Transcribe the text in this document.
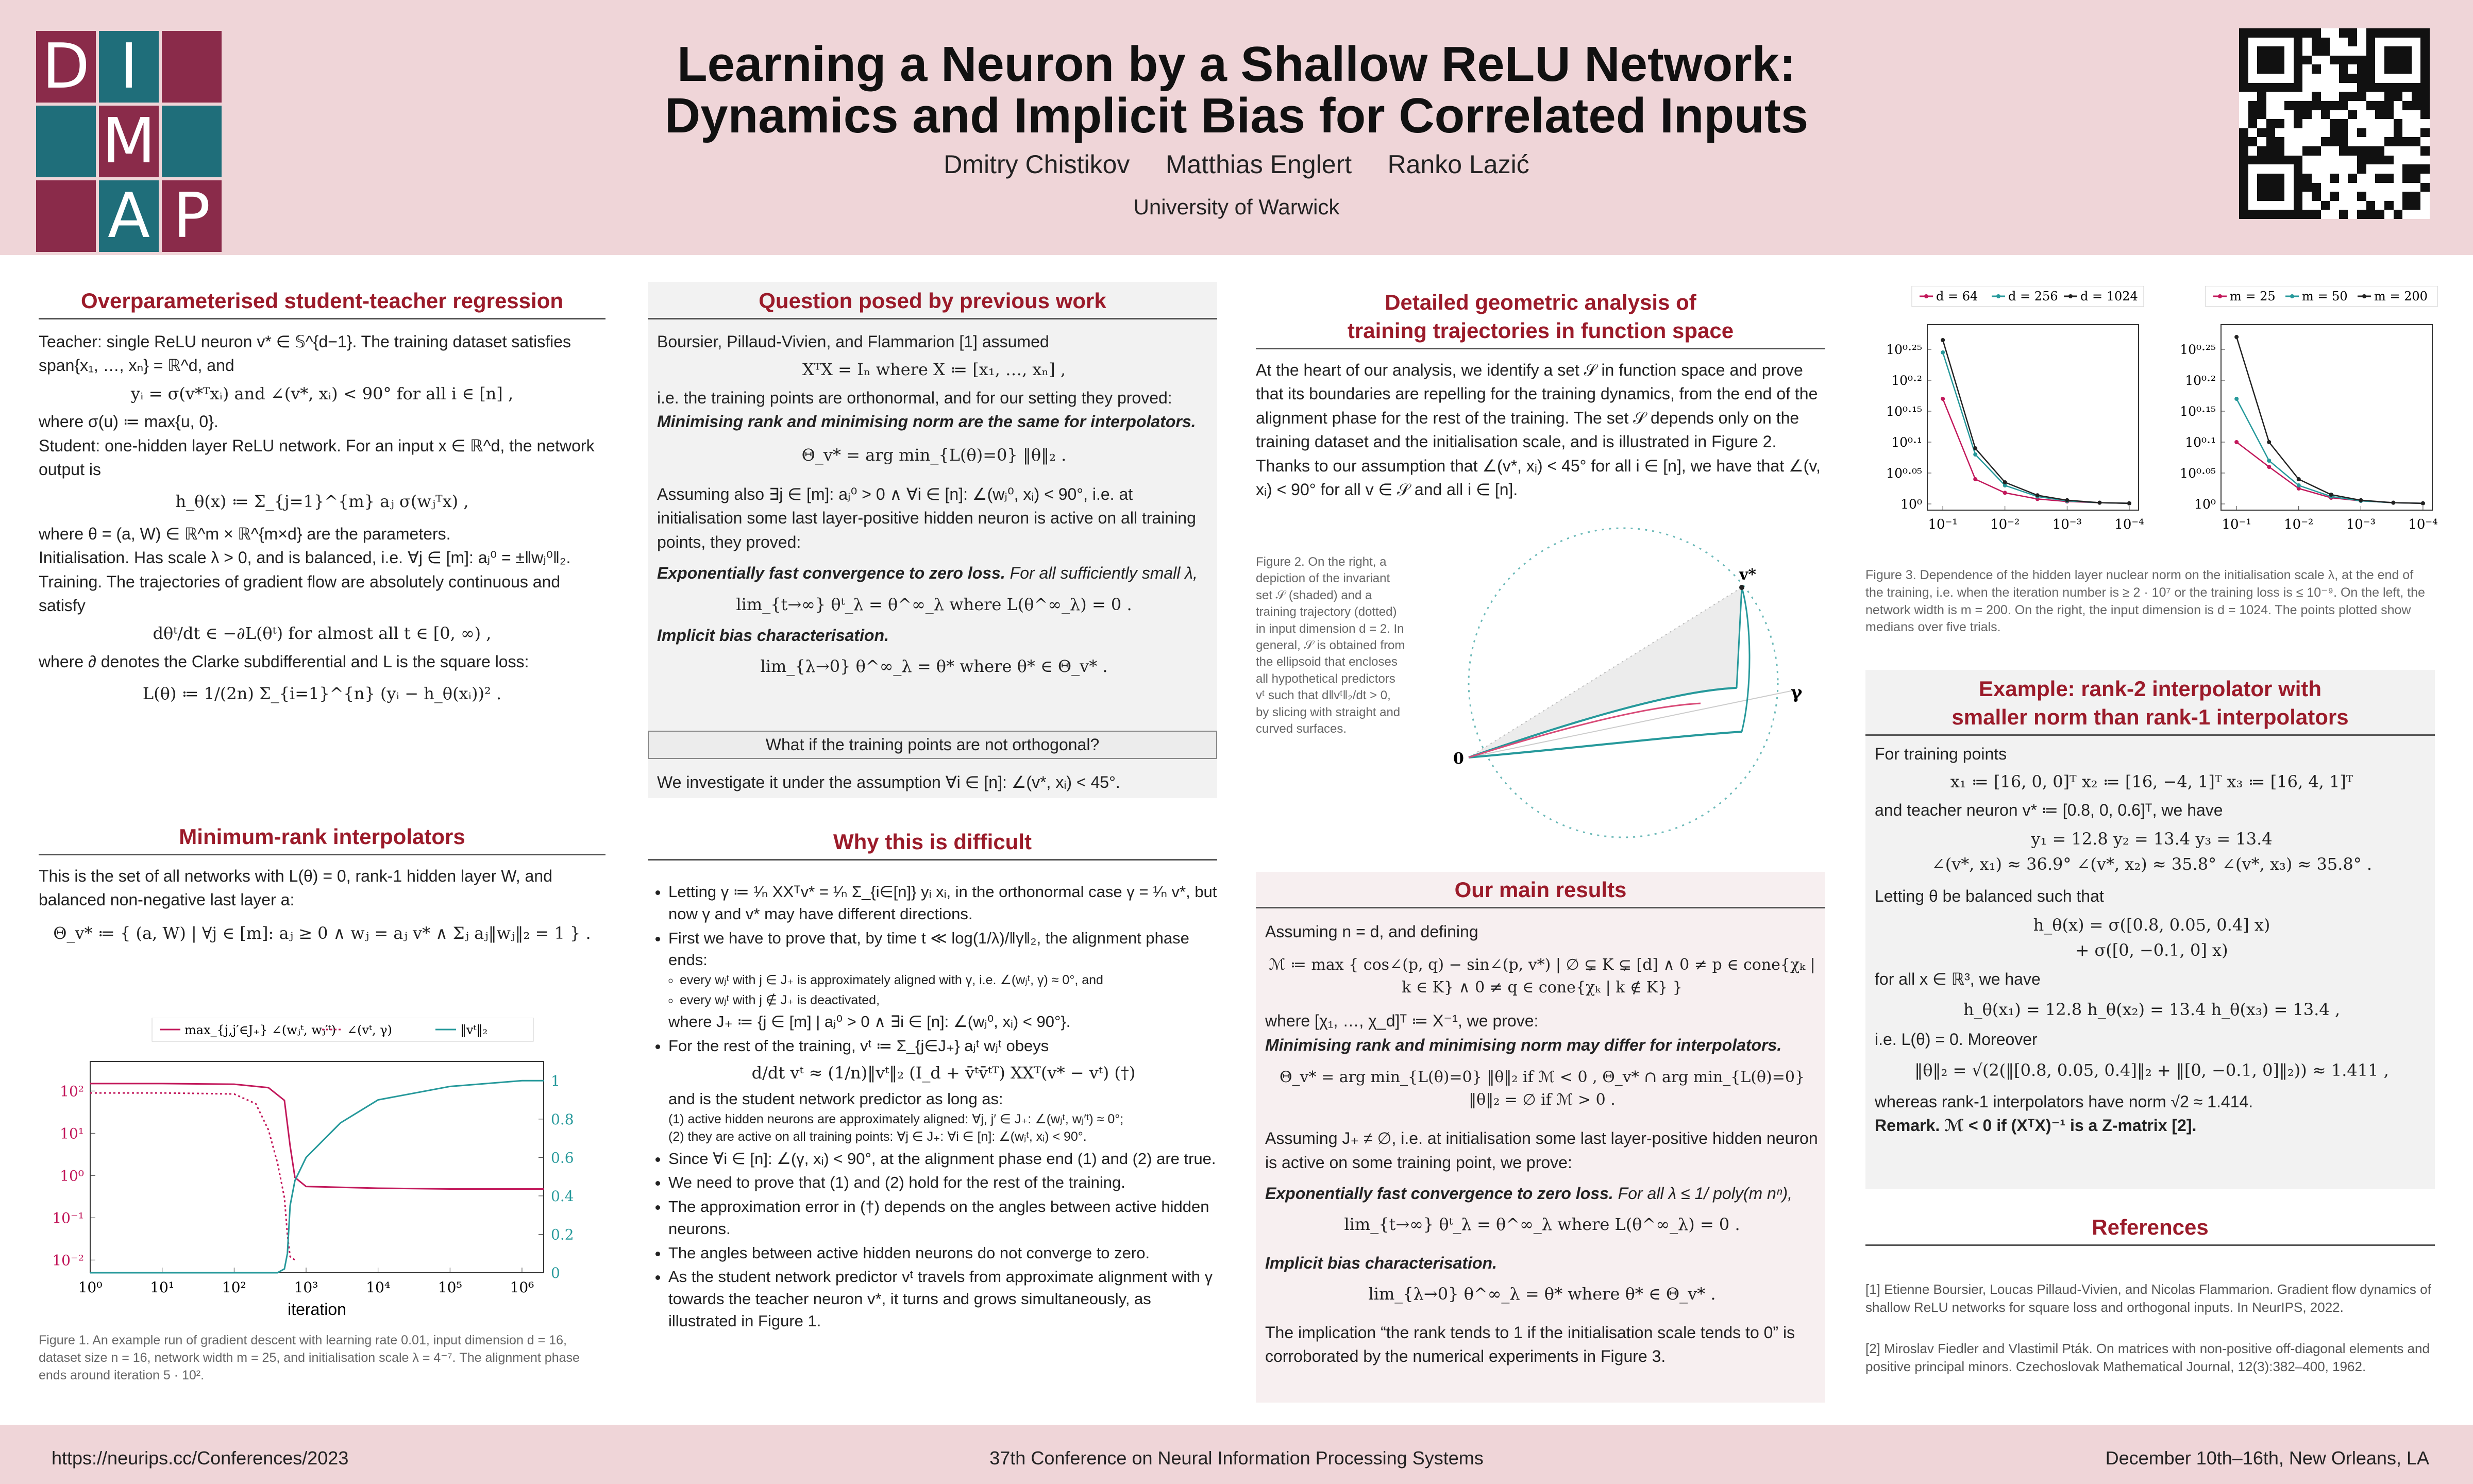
D I
M
A P
Learning a Neuron by a Shallow ReLU Network:
Dynamics and Implicit Bias for Correlated Inputs
Dmitry Chistikov     Matthias Englert     Ranko Lazić
University of Warwick
Overparameterised student-teacher regression

Teacher: single ReLU neuron v* ∈ 𝕊^{d−1}. The training dataset satisfies span{x₁, …, xₙ} = ℝ^d, and

yᵢ = σ(v*ᵀxᵢ) and ∠(v*, xᵢ) < 90° for all i ∈ [n] ,

where σ(u) ≔ max{u, 0}.

Student: one-hidden layer ReLU network. For an input x ∈ ℝ^d, the network output is

h_θ(x) ≔ Σ_{j=1}^{m} aⱼ σ(wⱼᵀx) ,

where θ = (a, W) ∈ ℝ^m × ℝ^{m×d} are the parameters.

Initialisation. Has scale λ > 0, and is balanced, i.e. ∀j ∈ [m]: aⱼ⁰ = ±‖wⱼ⁰‖₂.

Training. The trajectories of gradient flow are absolutely continuous and satisfy

dθᵗ/dt ∈ −∂L(θᵗ) for almost all t ∈ [0, ∞) ,

where ∂ denotes the Clarke subdifferential and L is the square loss:

L(θ) ≔ 1/(2n) Σ_{i=1}^{n} (yᵢ − h_θ(xᵢ))² .
Minimum-rank interpolators

This is the set of all networks with L(θ) = 0, rank-1 hidden layer W, and balanced non-negative last layer a:

Θ_v* ≔ { (a, W) | ∀j ∈ [m]: aⱼ ≥ 0 ∧ wⱼ = aⱼ v* ∧ Σⱼ aⱼ‖wⱼ‖₂ = 1 } .
max_{j,j′∈J₊} ∠(wⱼᵗ, wⱼ′ᵗ) ∠(vᵗ, γ)	‖vᵗ‖₂
10⁰	10¹	10²	10³	10⁴	10⁵	10⁶
10⁻²
10⁻¹
10⁰
10¹
10²
0
0.2
0.4
0.6
0.8
1
iteration
Figure 1. An example run of gradient descent with learning rate 0.01, input dimension d = 16, dataset size n = 16, network width m = 25, and initialisation scale λ = 4⁻⁷. The alignment phase ends around iteration 5 · 10².
Question posed by previous work

Boursier, Pillaud-Vivien, and Flammarion [1] assumed

XᵀX = Iₙ where X ≔ [x₁, …, xₙ] ,

i.e. the training points are orthonormal, and for our setting they proved:

Minimising rank and minimising norm are the same for interpolators.

Θ_v* = arg min_{L(θ)=0} ‖θ‖₂ .

Assuming also ∃j ∈ [m]: aⱼ⁰ > 0 ∧ ∀i ∈ [n]: ∠(wⱼ⁰, xᵢ) < 90°, i.e. at initialisation some last layer-positive hidden neuron is active on all training points, they proved:

Exponentially fast convergence to zero loss. For all sufficiently small λ,

lim_{t→∞} θᵗ_λ = θ^∞_λ where L(θ^∞_λ) = 0 .

Implicit bias characterisation.

lim_{λ→0} θ^∞_λ = θ* where θ* ∈ Θ_v* .
What if the training points are not orthogonal?
We investigate it under the assumption ∀i ∈ [n]: ∠(v*, xᵢ) < 45°.
Why this is difficult
• Letting γ ≔ ¹⁄ₙ XXᵀv* = ¹⁄ₙ Σ_{i∈[n]} yᵢ xᵢ, in the orthonormal case γ = ¹⁄ₙ v*, but now γ and v* may have different directions.
• First we have to prove that, by time t ≪ log(1/λ)/‖γ‖₂, the alignment phase ends:
◦ every wⱼᵗ with j ∈ J₊ is approximately aligned with γ, i.e. ∠(wⱼᵗ, γ) ≈ 0°, and
◦ every wⱼᵗ with j ∉ J₊ is deactivated,
where J₊ ≔ {j ∈ [m] | aⱼ⁰ > 0 ∧ ∃i ∈ [n]: ∠(wⱼ⁰, xᵢ) < 90°}.
• For the rest of the training, vᵗ ≔ Σ_{j∈J₊} aⱼᵗ wⱼᵗ obeys
d/dt vᵗ ≈ (1/n)‖vᵗ‖₂ (I_d + v̄ᵗv̄ᵗᵀ) XXᵀ(v* − vᵗ) (†)
and is the student network predictor as long as:
(1) active hidden neurons are approximately aligned: ∀j, j′ ∈ J₊: ∠(wⱼᵗ, wⱼ′ᵗ) ≈ 0°;
(2) they are active on all training points: ∀j ∈ J₊: ∀i ∈ [n]: ∠(wⱼᵗ, xᵢ) < 90°.
• Since ∀i ∈ [n]: ∠(γ, xᵢ) < 90°, at the alignment phase end (1) and (2) are true.
• We need to prove that (1) and (2) hold for the rest of the training.
• The approximation error in (†) depends on the angles between active hidden neurons.
• The angles between active hidden neurons do not converge to zero.
• As the student network predictor vᵗ travels from approximate alignment with γ towards the teacher neuron v*, it turns and grows simultaneously, as illustrated in Figure 1.
Detailed geometric analysis of
training trajectories in function space
At the heart of our analysis, we identify a set 𝒮 in function space and prove that its boundaries are repelling for the training dynamics, from the end of the alignment phase for the rest of the training. The set 𝒮 depends only on the training dataset and the initialisation scale, and is illustrated in Figure 2. Thanks to our assumption that ∠(v*, xᵢ) < 45° for all i ∈ [n], we have that ∠(v, xᵢ) < 90° for all v ∈ 𝒮 and all i ∈ [n].
Figure 2. On the right, a depiction of the invariant set 𝒮 (shaded) and a training trajectory (dotted) in input dimension d = 2. In general, 𝒮 is obtained from the ellipsoid that encloses all hypothetical predictors vᵗ such that d‖vᵗ‖₂/dt > 0, by slicing with straight and curved surfaces.
0
v*
γ
Our main results

Assuming n = d, and defining

ℳ ≔ max { cos∠(p, q) − sin∠(p, v*) | ∅ ⊊ K ⊊ [d] ∧ 0 ≠ p ∈ cone{χₖ | k ∈ K} ∧ 0 ≠ q ∈ cone{χₖ | k ∉ K} }

where [χ₁, …, χ_d]ᵀ ≔ X⁻¹, we prove:

Minimising rank and minimising norm may differ for interpolators.

Θ_v* = arg min_{L(θ)=0} ‖θ‖₂ if ℳ < 0 , Θ_v* ∩ arg min_{L(θ)=0} ‖θ‖₂ = ∅ if ℳ > 0 .

Assuming J₊ ≠ ∅, i.e. at initialisation some last layer-positive hidden neuron is active on some training point, we prove:

Exponentially fast convergence to zero loss. For all λ ≤ 1/ poly(m nⁿ),

lim_{t→∞} θᵗ_λ = θ^∞_λ where L(θ^∞_λ) = 0 .

Implicit bias characterisation.

lim_{λ→0} θ^∞_λ = θ* where θ* ∈ Θ_v* .

The implication “the rank tends to 1 if the initialisation scale tends to 0” is corroborated by the numerical experiments in Figure 3.

d = 64 d = 256 d = 1024
10⁻¹ 10⁻² 10⁻³ 10⁻⁴
10⁰
10⁰·⁰⁵
10⁰·¹
10⁰·¹⁵
10⁰·²
10⁰·²⁵
m = 25 m = 50 m = 200
10⁻¹ 10⁻² 10⁻³ 10⁻⁴
10⁰
10⁰·⁰⁵
10⁰·¹
10⁰·¹⁵
10⁰·²
10⁰·²⁵
Figure 3. Dependence of the hidden layer nuclear norm on the initialisation scale λ, at the end of the training, i.e. when the iteration number is ≥ 2 · 10⁷ or the training loss is ≤ 10⁻⁹. On the left, the network width is m = 200. On the right, the input dimension is d = 1024. The points plotted show medians over five trials.
Example: rank-2 interpolator with
smaller norm than rank-1 interpolators

For training points

x₁ ≔ [16, 0, 0]ᵀ x₂ ≔ [16, −4, 1]ᵀ x₃ ≔ [16, 4, 1]ᵀ

and teacher neuron v* ≔ [0.8, 0, 0.6]ᵀ, we have

y₁ = 12.8 y₂ = 13.4 y₃ = 13.4
∠(v*, x₁) ≈ 36.9° ∠(v*, x₂) ≈ 35.8° ∠(v*, x₃) ≈ 35.8° .

Letting θ be balanced such that

h_θ(x) = σ([0.8, 0.05, 0.4] x)
+ σ([0, −0.1, 0] x)

for all x ∈ ℝ³, we have

h_θ(x₁) = 12.8 h_θ(x₂) = 13.4 h_θ(x₃) = 13.4 ,

i.e. L(θ) = 0. Moreover

‖θ‖₂ = √(2(‖[0.8, 0.05, 0.4]‖₂ + ‖[0, −0.1, 0]‖₂)) ≈ 1.411 ,

whereas rank-1 interpolators have norm √2 ≈ 1.414.

Remark. ℳ < 0 if (XᵀX)⁻¹ is a Z-matrix [2].

References
[1] Etienne Boursier, Loucas Pillaud-Vivien, and Nicolas Flammarion. Gradient flow dynamics of shallow ReLU networks for square loss and orthogonal inputs. In NeurIPS, 2022.
[2] Miroslav Fiedler and Vlastimil Pták. On matrices with non-positive off-diagonal elements and positive principal minors. Czechoslovak Mathematical Journal, 12(3):382–400, 1962.
https://neurips.cc/Conferences/2023	37th Conference on Neural Information Processing Systems	December 10th–16th, New Orleans, LA
